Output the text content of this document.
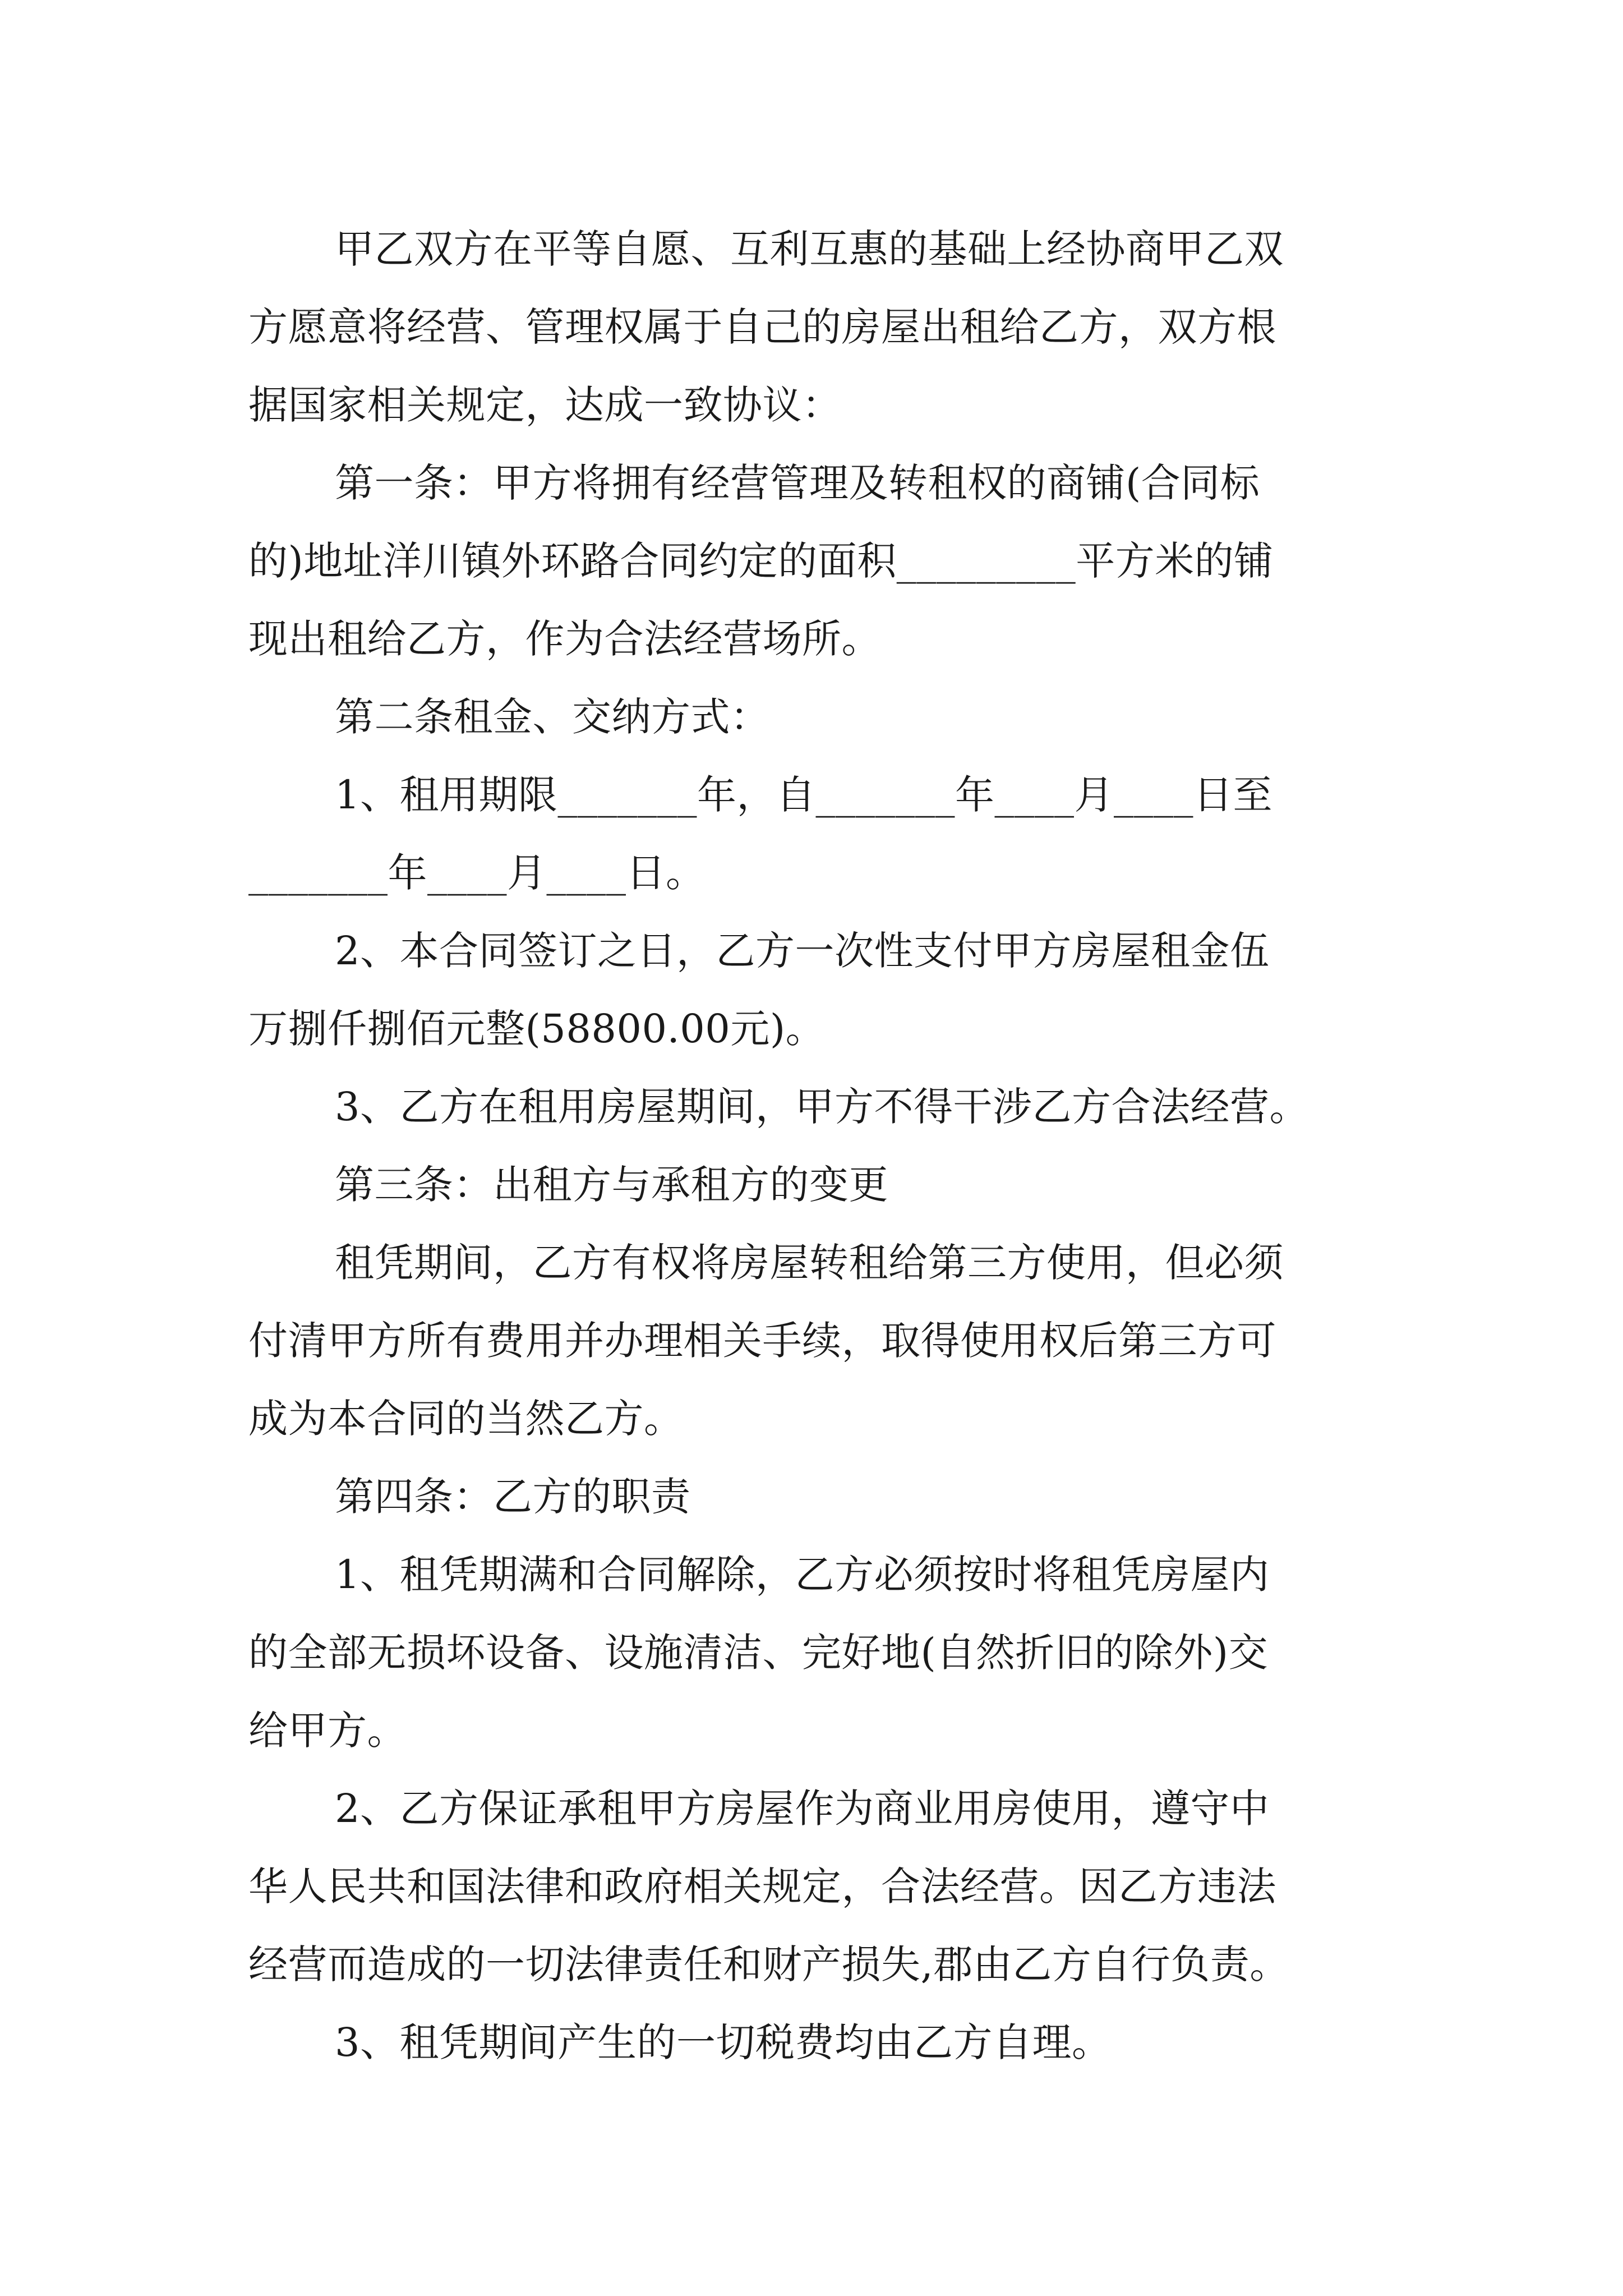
甲乙双方在平等自愿、互利互惠的基础上经协商甲乙双
方愿意将经营、管理权属于自己的房屋出租给乙方，双方根
据国家相关规定，达成一致协议：
第一条：甲方将拥有经营管理及转租权的商铺(合同标
的)地址洋川镇外环路合同约定的面积_________平方米的铺
现出租给乙方，作为合法经营场所。
第二条租金、交纳方式：
1、租用期限_______年，自_______年____月____日至
_______年____月____日。
2、本合同签订之日，乙方一次性支付甲方房屋租金伍
万捌仟捌佰元整(58800.00元)。
3、乙方在租用房屋期间，甲方不得干涉乙方合法经营。
第三条：出租方与承租方的变更
租凭期间，乙方有权将房屋转租给第三方使用，但必须
付清甲方所有费用并办理相关手续，取得使用权后第三方可
成为本合同的当然乙方。
第四条：乙方的职责
1、租凭期满和合同解除，乙方必须按时将租凭房屋内
的全部无损坏设备、设施清洁、完好地(自然折旧的除外)交
给甲方。
2、乙方保证承租甲方房屋作为商业用房使用，遵守中
华人民共和国法律和政府相关规定，合法经营。因乙方违法
经营而造成的一切法律责任和财产损失,郡由乙方自行负责。
3、租凭期间产生的一切税费均由乙方自理。
